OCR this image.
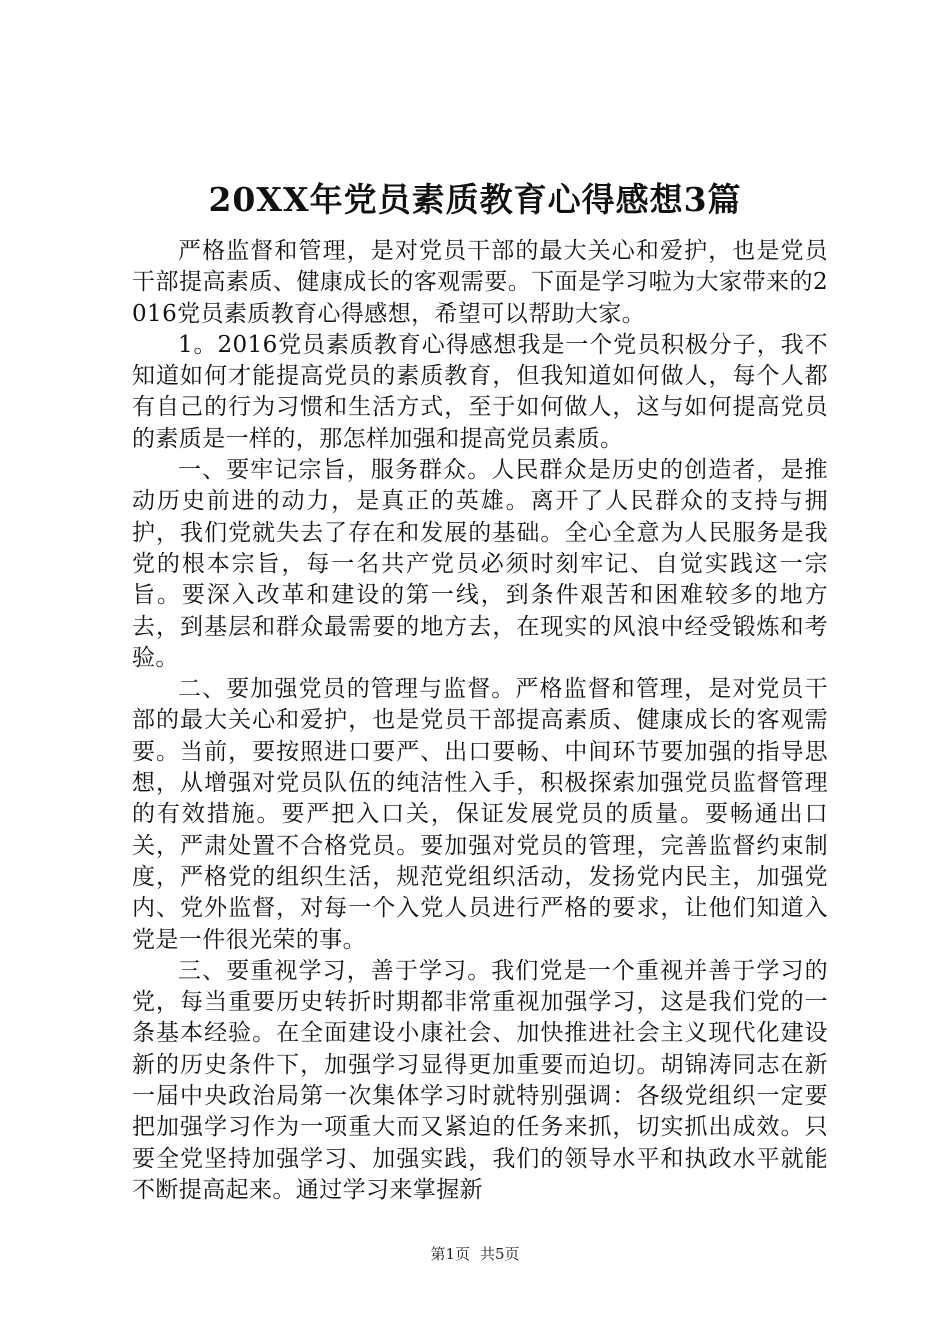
20XX年党员素质教育心得感想3篇

严格监督和管理，是对党员干部的最大关心和爱护，也是党员干部提高素质、健康成长的客观需要。下面是学习啦为大家带来的2016党员素质教育心得感想，希望可以帮助大家。

1。2016党员素质教育心得感想我是一个党员积极分子，我不知道如何才能提高党员的素质教育，但我知道如何做人，每个人都有自己的行为习惯和生活方式，至于如何做人，这与如何提高党员的素质是一样的，那怎样加强和提高党员素质。

一、要牢记宗旨，服务群众。人民群众是历史的创造者，是推动历史前进的动力，是真正的英雄。离开了人民群众的支持与拥护，我们党就失去了存在和发展的基础。全心全意为人民服务是我党的根本宗旨，每一名共产党员必须时刻牢记、自觉实践这一宗旨。要深入改革和建设的第一线，到条件艰苦和困难较多的地方去，到基层和群众最需要的地方去，在现实的风浪中经受锻炼和考验。

二、要加强党员的管理与监督。严格监督和管理，是对党员干部的最大关心和爱护，也是党员干部提高素质、健康成长的客观需要。当前，要按照进口要严、出口要畅、中间环节要加强的指导思想，从增强对党员队伍的纯洁性入手，积极探索加强党员监督管理的有效措施。要严把入口关，保证发展党员的质量。要畅通出口关，严肃处置不合格党员。要加强对党员的管理，完善监督约束制度，严格党的组织生活，规范党组织活动，发扬党内民主，加强党内、党外监督，对每一个入党人员进行严格的要求，让他们知道入党是一件很光荣的事。

三、要重视学习，善于学习。我们党是一个重视并善于学习的党，每当重要历史转折时期都非常重视加强学习，这是我们党的一条基本经验。在全面建设小康社会、加快推进社会主义现代化建设新的历史条件下，加强学习显得更加重要而迫切。胡锦涛同志在新一届中央政治局第一次集体学习时就特别强调：各级党组织一定要把加强学习作为一项重大而又紧迫的任务来抓，切实抓出成效。只要全党坚持加强学习、加强实践，我们的领导水平和执政水平就能不断提高起来。通过学习来掌握新

第1页 共5页
